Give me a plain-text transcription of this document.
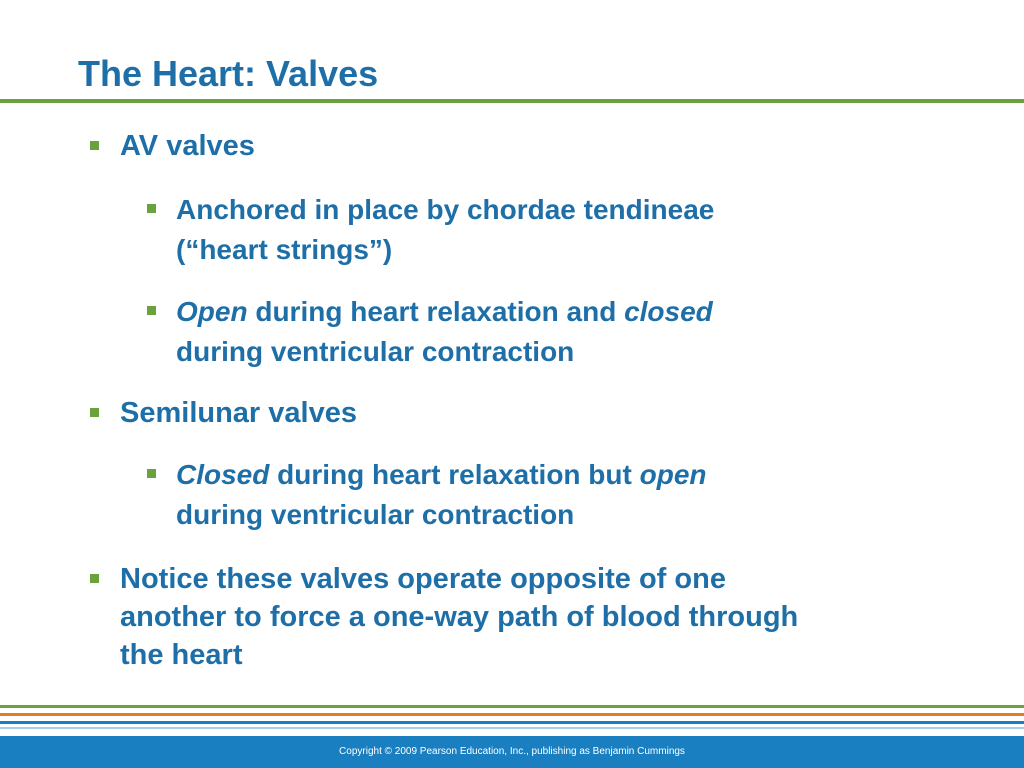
The Heart: Valves

AV valves

Anchored in place by chordae tendineae
(“heart strings”)

Open during heart relaxation and closed
during ventricular contraction

Semilunar valves

Closed during heart relaxation but open
during ventricular contraction

Notice these valves operate opposite of one
another to force a one-way path of blood through
the heart

Copyright © 2009 Pearson Education, Inc., publishing as Benjamin Cummings
